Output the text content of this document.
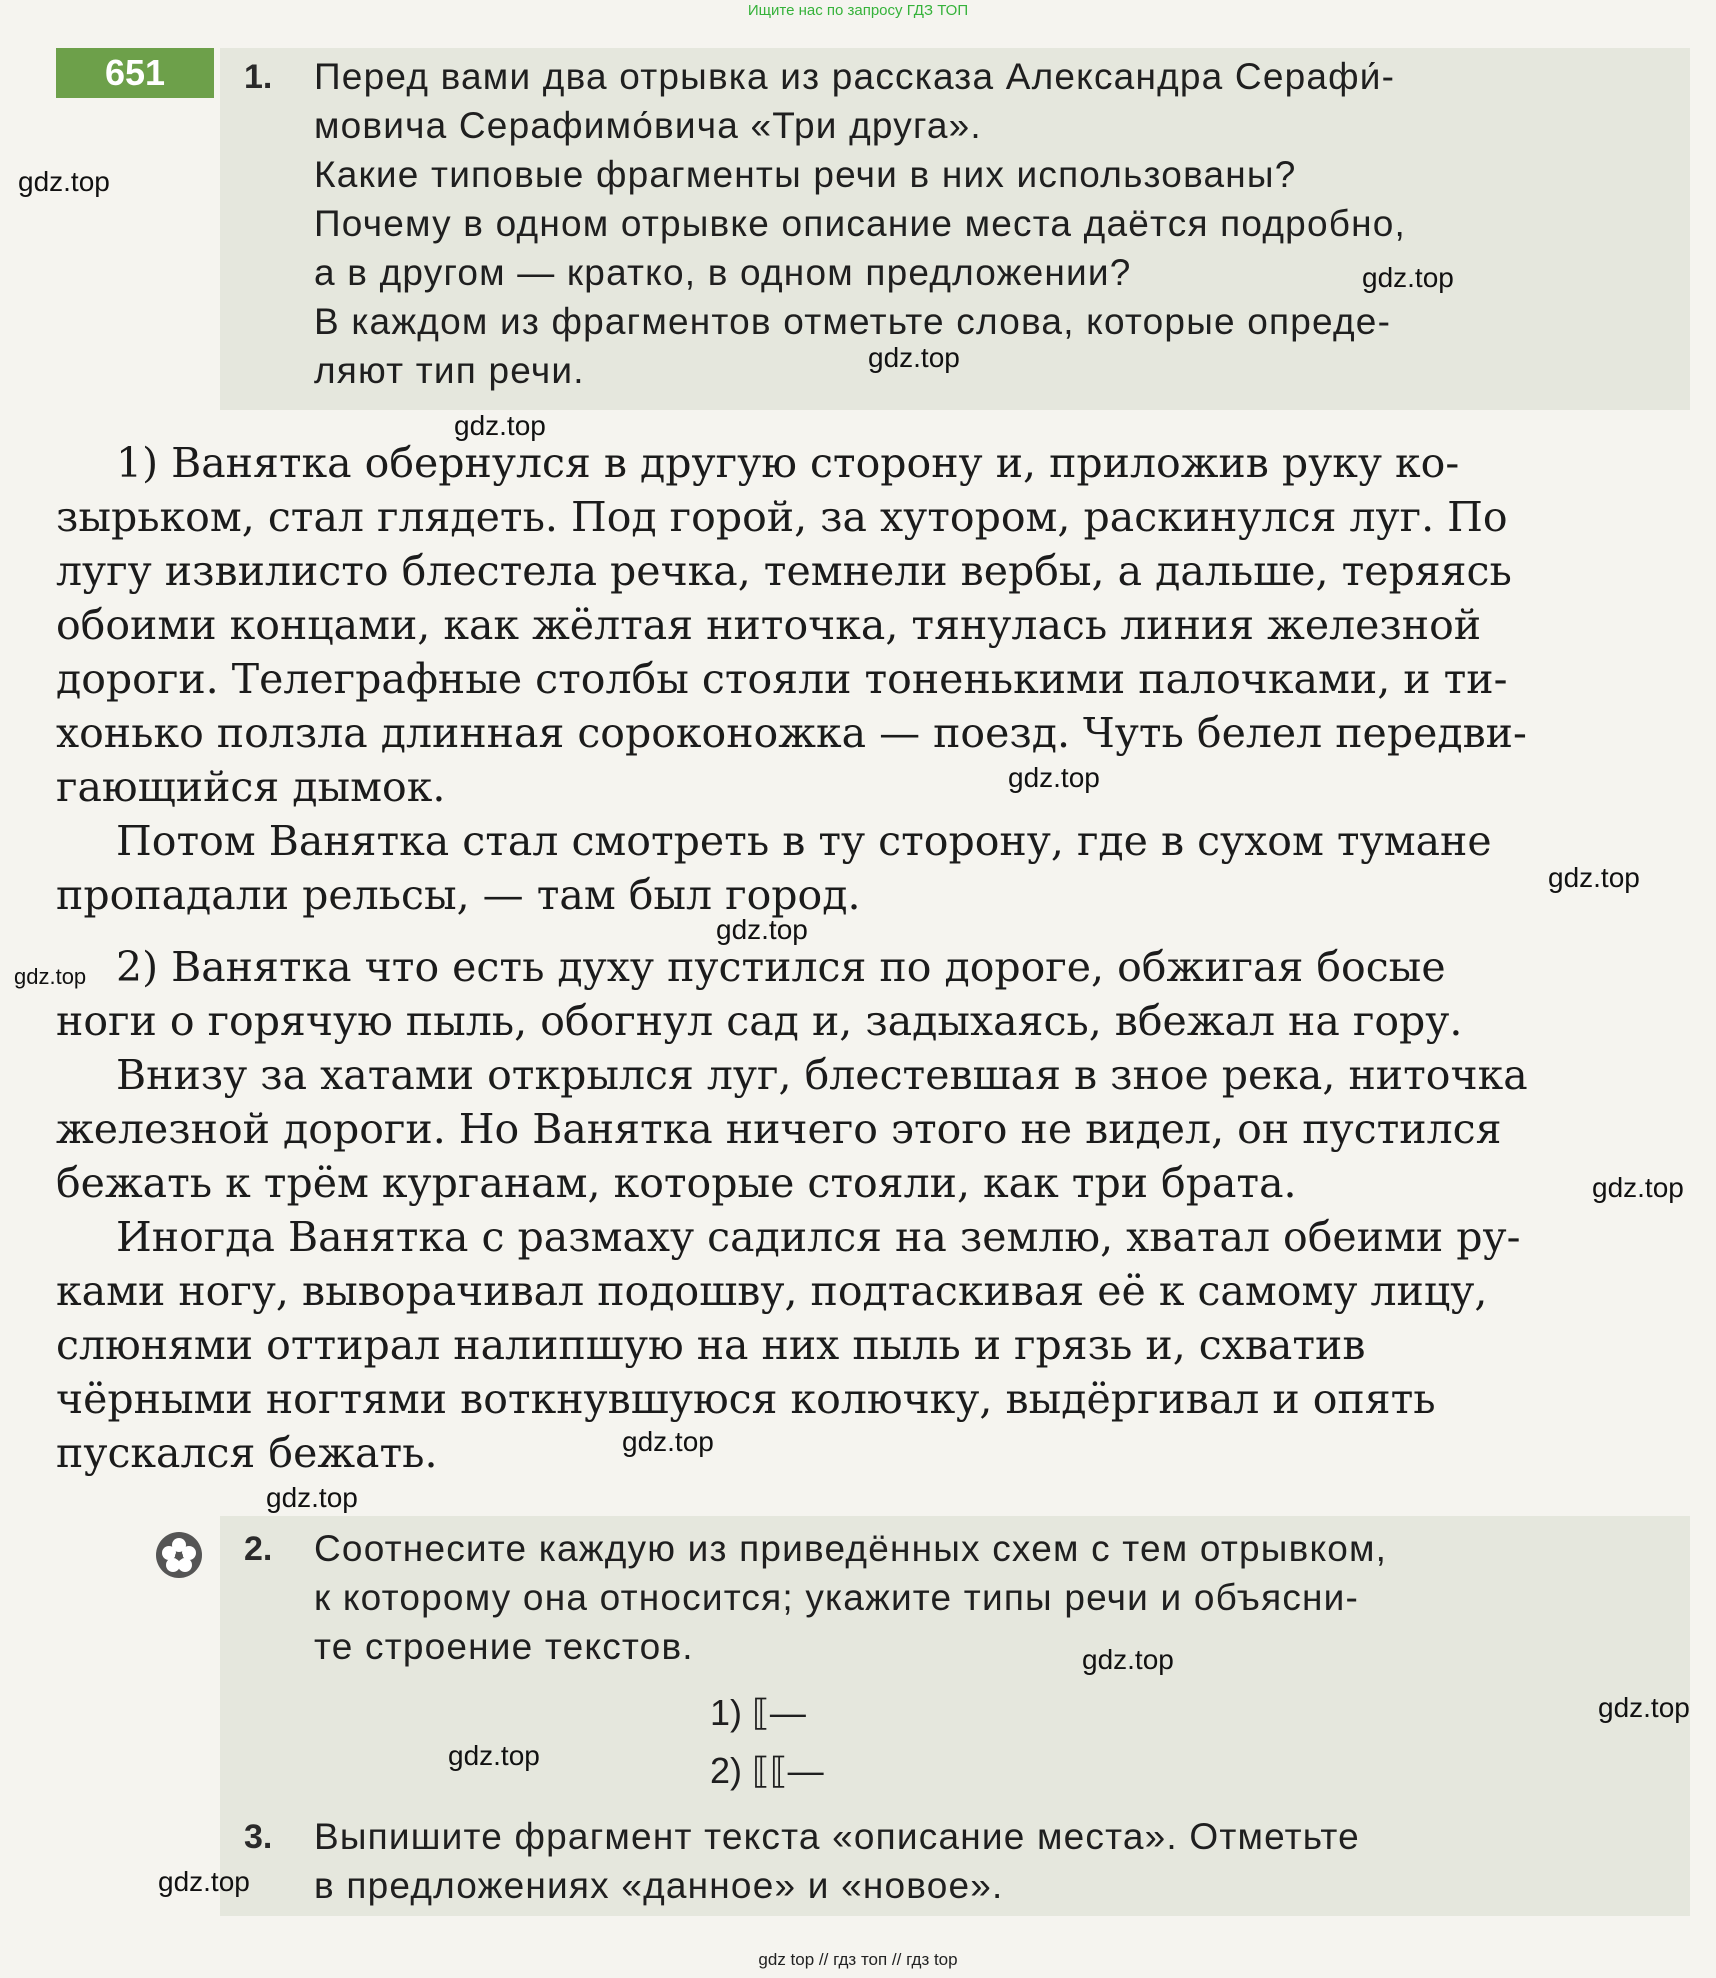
Ищите нас по запросу ГДЗ ТОП
651	1. Перед вами два отрывка из рассказа Александра Серафи́-
мовича Серафимо́вича «Три друга».
Какие типовые фрагменты речи в них использованы?
Почему в одном отрывке описание места даётся подробно,
а в другом — кратко, в одном предложении?
В каждом из фрагментов отметьте слова, которые опреде-
ляют тип речи.
1) Ванятка обернулся в другую сторону и, приложив руку ко-
зырьком, стал глядеть. Под горой, за хутором, раскинулся луг. По
лугу извилисто блестела речка, темнели вербы, а дальше, теряясь
обоими концами, как жёлтая ниточка, тянулась линия железной
дороги. Телеграфные столбы стояли тоненькими палочками, и ти-
хонько ползла длинная сороконожка — поезд. Чуть белел передви-
гающийся дымок.
Потом Ванятка стал смотреть в ту сторону, где в сухом тумане
пропадали рельсы, — там был город.
2) Ванятка что есть духу пустился по дороге, обжигая босые
ноги о горячую пыль, обогнул сад и, задыхаясь, вбежал на гору.
Внизу за хатами открылся луг, блестевшая в зное река, ниточка
железной дороги. Но Ванятка ничего этого не видел, он пустился
бежать к трём курганам, которые стояли, как три брата.
Иногда Ванятка с размаху садился на землю, хватал обеими ру-
ками ногу, выворачивал подошву, подтаскивая её к самому лицу,
слюнями оттирал налипшую на них пыль и грязь и, схватив
чёрными ногтями воткнувшуюся колючку, выдёргивал и опять
пускался бежать.
2. Соотнесите каждую из приведённых схем с тем отрывком,
к которому она относится; укажите типы речи и объясни-
те строение текстов.
1) ⟦—
2) ⟦⟦—
3. Выпишите фрагмент текста «описание места». Отметьте
в предложениях «данное» и «новое».
gdz.top
gdz.top
gdz.top
gdz.top
gdz.top
gdz.top
gdz.top
gdz.top
gdz.top
gdz.top
gdz.top
gdz.top
gdz.top
gdz.top
gdz.top
gdz top // гдз топ // гдз top
